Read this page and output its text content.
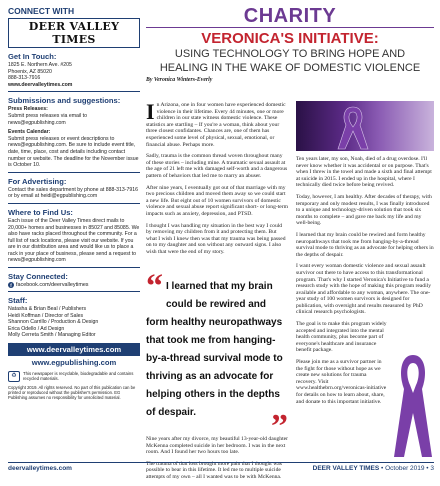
CONNECT WITH
DEER VALLEY TIMES
Get In Touch:
1825 E. Northern Ave. #205
Phoenix, AZ 85020
888-313-7916
www.deervalleytimes.com
Submissions and suggestions:
Press Releases:
Submit press releases via email to news@egpublishing.com
Events Calendar:
Submit press releases or event descriptions to news@egpublishing.com. Be sure to include event title, date, time, place, cost and details including contact number or website. The deadline for the November issue is October 10.
For Advertising:
Contact the sales department by phone at 888-313-7916 or by email at heidi@egpublishing.com
Where to Find Us:
Each issue of the Deer Valley Times direct mails to 20,000+ homes and businesses in 85027 and 85085. We also have racks placed throughout the community. For a full list of rack locations, please visit our website. If you are in our distribution area and would like us to place a rack in your place of business, please send a request to news@egpublishing.com
Stay Connected:
f facebook.com/deervalleytimes
Staff:
Natasha & Brian Beal / Publishers
Heidi Koffman / Director of Sales
Shannon Carrillo / Production & Design
Erica Odello / Ad Design
Molly Cerreta Smith / Managing Editor
www.deervalleytimes.com
www.egpublishing.com
♻	This newspaper is recyclable, biodegradable and contains recycled materials.
Copyright 2019. All rights reserved. No part of this publication can be printed or reproduced without the publisher's permission. EG Publishing assumes no responsibility for unsolicited material.
CHARITY
VERONICA'S INITIATIVE:
USING TECHNOLOGY TO BRING HOPE AND
HEALING IN THE WAKE OF DOMESTIC VIOLENCE
By Veronica Winters-Everly

In Arizona, one in four women have experienced domestic violence in their lifetime. Every 44 minutes, one or more children in our state witness domestic violence. These statistics are startling – If you're a woman, think about your three closest confidantes. Chances are, one of them has experienced some level of physical, sexual, emotional, or financial abuse. Perhaps more.

Sadly, trauma is the common thread woven throughout many of these stories – including mine. A traumatic sexual assault at the age of 21 left me with damaged self-worth and a dangerous pattern of behaviors that led me to marry an abuser.

After nine years, I eventually got out of that marriage with my two precious children and moved them away so we could start a new life. But eight out of 10 women survivors of domestic violence and sexual abuse report significant short- or long-term impacts such as anxiety, depression, and PTSD.

I thought I was handling my situation in the best way I could by removing my children from it and protecting them. But what I wish I knew then was that my trauma was being passed on to my daughter and son without any outward signs. I also wish that were the end of my story.

“ I learned that my brain could be rewired and form healthy neuropathways that took me from hanging-by-a-thread survival mode to thriving as an advocate for helping others in the depths of despair.	”

Nine years after my divorce, my beautiful 13-year-old daughter McKenna completed suicide in her bedroom. I was in the next room. And I found her two hours too late.

The trauma of that loss brought more pain that I thought was possible to bear in this lifetime. It led me to multiple suicide attempts of my own – all I wanted was to be with McKenna.

Ten years later, my son, Noah, died of a drug overdose. I'll never know whether it was accidental or on purpose. That's when I threw in the towel and made a sixth and final attempt at suicide in 2015. I ended up in the hospital, where I technically died twice before being revived.

Today, however, I am healthy. After decades of therapy, with temporary and only modest results, I was finally introduced to a unique and technology-driven solution that took six months to complete – and gave me back my life and my well-being.

I learned that my brain could be rewired and form healthy neuropathways that took me from hanging-by-a-thread survival mode to thriving as an advocate for helping others in the depths of despair.

I want every woman domestic violence and sexual assault survivor out there to have access to this transformational program. That's why I started Veronica's Initiative to fund a research study with the hope of making this program readily available and affordable to any woman, anywhere. The one-year study of 100 women survivors is designed for publication, with oversight and results measured by PhD clinical research psychologists.

The goal is to make this program widely accepted and integrated into the mental health community, plus become part of everyone's healthcare and insurance benefit package.

Please join me as a survivor partner in the fight for those without hope as we create new solutions for trauma recovery. Visit www.healthebrn.org/veronicas-initiative for details on how to learn about, share, and donate to this important initiative.

deervalleytimes.com	DEER VALLEY TIMES • October 2019 • 3
